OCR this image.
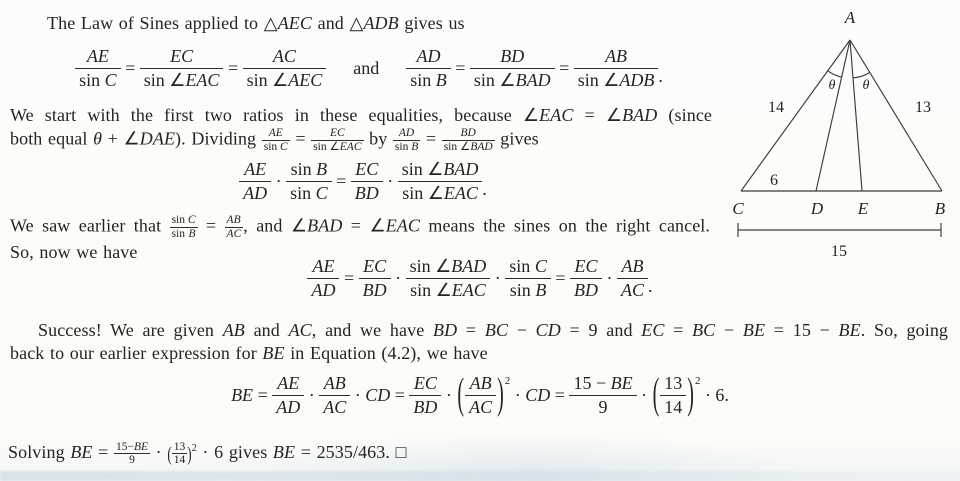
The Law of Sines applied to △AEC and △ADB gives us
$\frac{AE}{\text{sin C}} = \frac{EC}{\text{sin ∠EAC}} = \frac{AC}{\text{sin ∠AEC}}$ and $\frac{AD}{\text{sin B}} = \frac{BD}{\text{sin ∠BAD}} = \frac{AB}{\text{sin ∠ADB}}$ .
We start with the first two ratios in these equalities, because ∠EAC = ∠BAD (since
both equal θ + ∠DAE). Dividing $\frac{AE}{\text{sin C}} = \frac{EC}{\text{sin ∠EAC}}$ by $\frac{AD}{\text{sin B}} = \frac{BD}{\text{sin ∠BAD}}$ gives
$\frac{AE}{AD} \cdot \frac{\text{sin B}}{\text{sin C}} = \frac{EC}{BD} \cdot \frac{\text{sin ∠BAD}}{\text{sin ∠EAC}}$ .
We saw earlier that $\frac{\text{sin C}}{\text{sin B}} = \frac{AB}{AC}$ , and ∠BAD = ∠EAC means the sines on the right cancel.
So, now we have
$\frac{AE}{AD} = \frac{EC}{BD} \cdot \frac{\text{sin ∠BAD}}{\text{sin ∠EAC}} \cdot \frac{\text{sin C}}{\text{sin B}} = \frac{EC}{BD} \cdot \frac{AB}{AC}$ .
Success! We are given AB and AC, and we have BD = BC − CD = 9 and EC = BC − BE = 15 − BE. So, going
back to our earlier expression for BE in Equation (4.2), we have
BE = $\frac{AE}{AD} \cdot \frac{AB}{AC}$ · CD = $\frac{EC}{BD}$ · ( $\frac{AB}{AC}$ ) 2
· CD = $\frac{15 - BE}{9}$ · ( $\frac{13}{14}$ ) 2
· 6.
Solving BE = $\frac{15-BE}{9}$ · ( $\frac{13}{14}$ ) $^2$ · 6 gives BE = 2535/463. □
A
θ θ
14	13
6
C	D E	B
15
